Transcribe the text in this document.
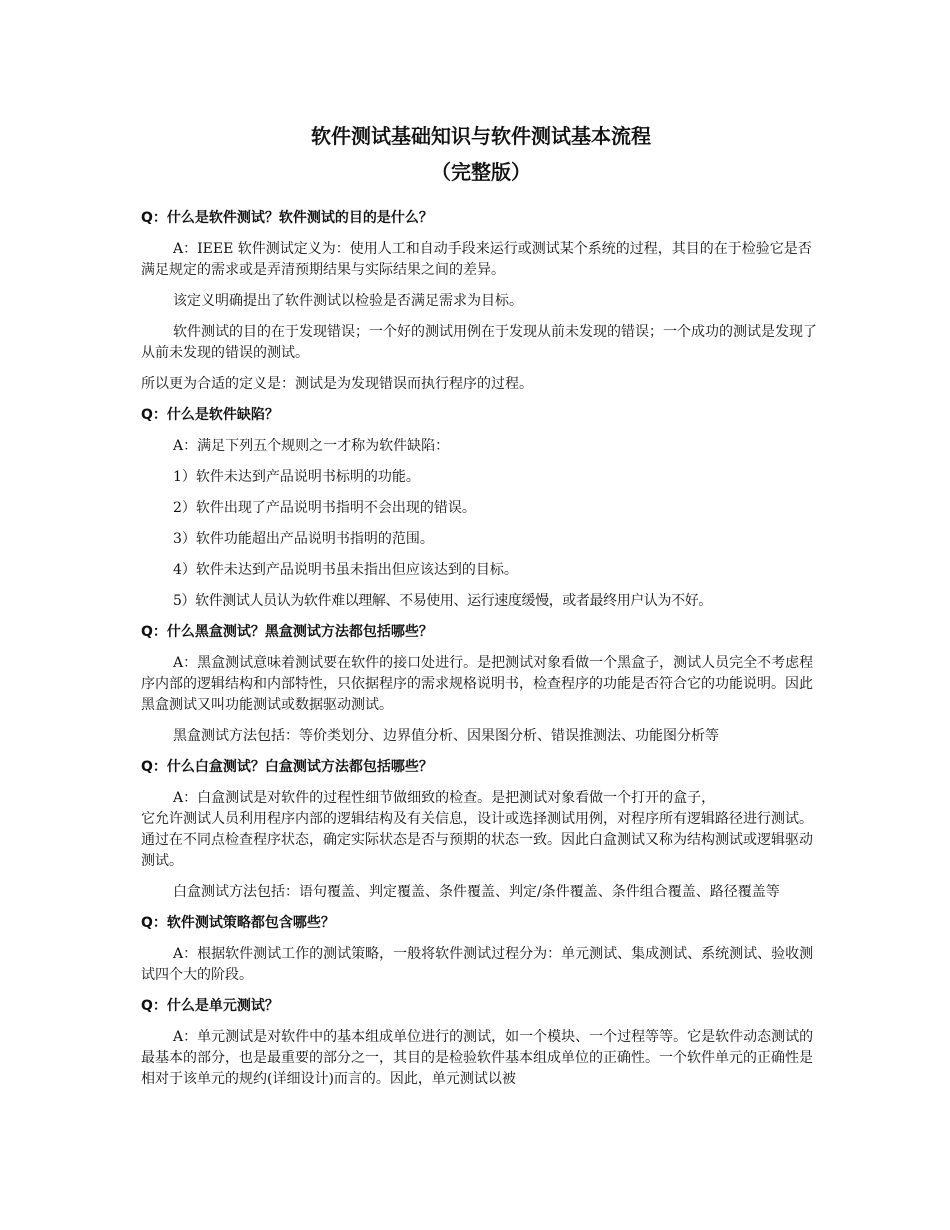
软件测试基础知识与软件测试基本流程
（完整版）

Q：什么是软件测试？软件测试的目的是什么？

A：IEEE 软件测试定义为：使用人工和自动手段来运行或测试某个系统的过程，其目的在于检验它是否满足规定的需求或是弄清预期结果与实际结果之间的差异。

该定义明确提出了软件测试以检验是否满足需求为目标。

软件测试的目的在于发现错误；一个好的测试用例在于发现从前未发现的错误；一个成功的测试是发现了从前未发现的错误的测试。

所以更为合适的定义是：测试是为发现错误而执行程序的过程。

Q：什么是软件缺陷？

A：满足下列五个规则之一才称为软件缺陷：

1）软件未达到产品说明书标明的功能。

2）软件出现了产品说明书指明不会出现的错误。

3）软件功能超出产品说明书指明的范围。

4）软件未达到产品说明书虽未指出但应该达到的目标。

5）软件测试人员认为软件难以理解、不易使用、运行速度缓慢，或者最终用户认为不好。

Q：什么黑盒测试？黑盒测试方法都包括哪些？

A：黑盒测试意味着测试要在软件的接口处进行。是把测试对象看做一个黑盒子，测试人员完全不考虑程序内部的逻辑结构和内部特性，只依据程序的需求规格说明书，检查程序的功能是否符合它的功能说明。因此黑盒测试又叫功能测试或数据驱动测试。

黑盒测试方法包括：等价类划分、边界值分析、因果图分析、错误推测法、功能图分析等

Q：什么白盒测试？白盒测试方法都包括哪些？

A：白盒测试是对软件的过程性细节做细致的检查。是把测试对象看做一个打开的盒子，
它允许测试人员利用程序内部的逻辑结构及有关信息，设计或选择测试用例，对程序所有逻辑路径进行测试。通过在不同点检查程序状态，确定实际状态是否与预期的状态一致。因此白盒测试又称为结构测试或逻辑驱动测试。

白盒测试方法包括：语句覆盖、判定覆盖、条件覆盖、判定/条件覆盖、条件组合覆盖、路径覆盖等

Q：软件测试策略都包含哪些？

A：根据软件测试工作的测试策略，一般将软件测试过程分为：单元测试、集成测试、系统测试、验收测试四个大的阶段。

Q：什么是单元测试？

A：单元测试是对软件中的基本组成单位进行的测试，如一个模块、一个过程等等。它是软件动态测试的最基本的部分，也是最重要的部分之一，其目的是检验软件基本组成单位的正确性。一个软件单元的正确性是相对于该单元的规约(详细设计)而言的。因此，单元测试以被
